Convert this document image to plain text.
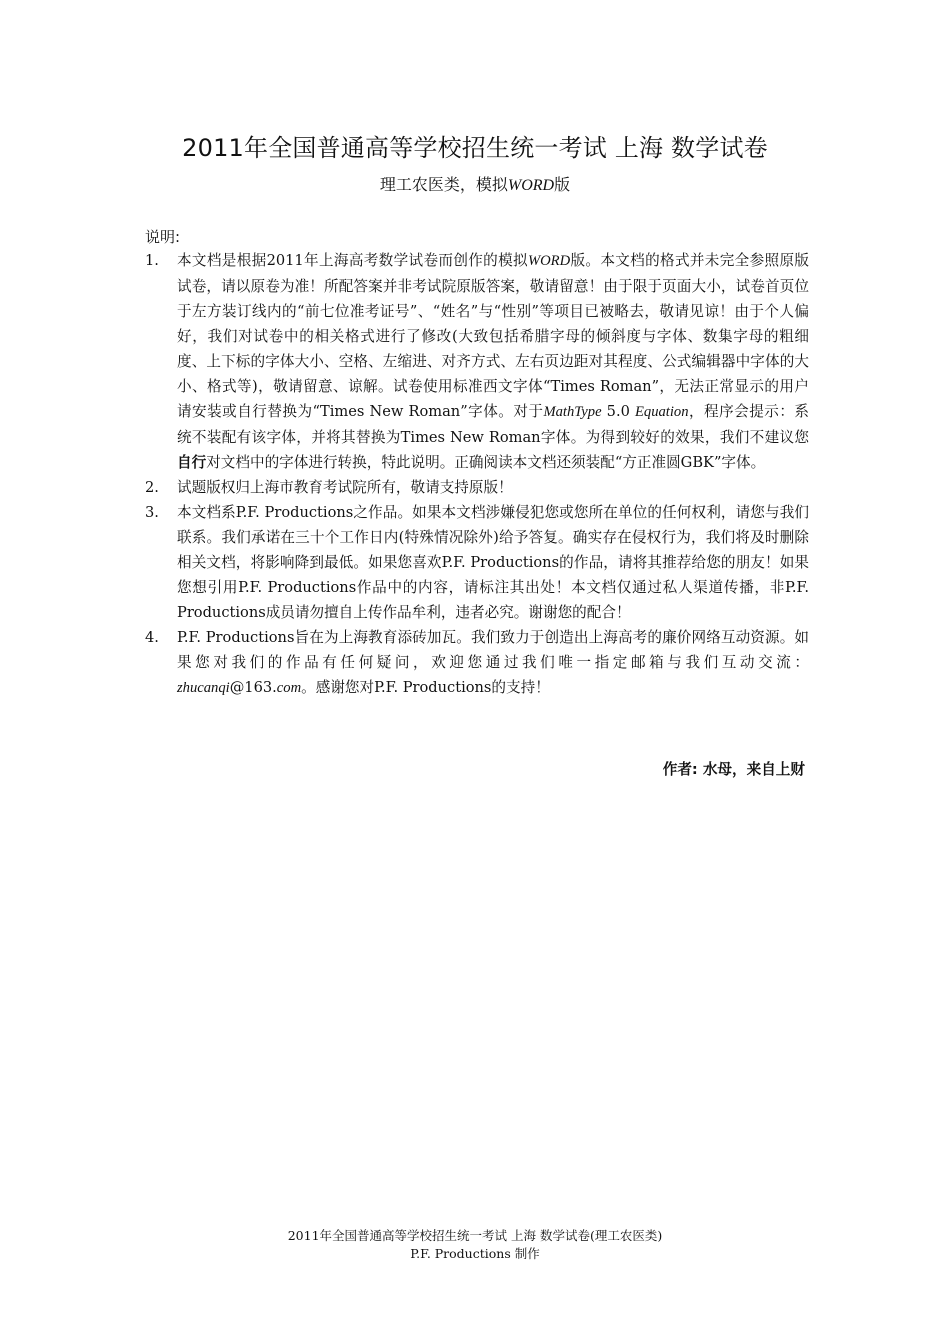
2011年全国普通高等学校招生统一考试 上海 数学试卷
理工农医类，模拟WORD版
说明:
1. 本文档是根据2011年上海高考数学试卷而创作的模拟WORD版。本文档的格式并未完全参照原版试卷，请以原卷为准！所配答案并非考试院原版答案，敬请留意！由于限于页面大小，试卷首页位于左方装订线内的“前七位准考证号”、“姓名”与“性别”等项目已被略去，敬请见谅！由于个人偏好，我们对试卷中的相关格式进行了修改(大致包括希腊字母的倾斜度与字体、数集字母的粗细度、上下标的字体大小、空格、左缩进、对齐方式、左右页边距对其程度、公式编辑器中字体的大小、格式等)，敬请留意、谅解。试卷使用标准西文字体“Times Roman”，无法正常显示的用户请安装或自行替换为“Times New Roman”字体。对于MathType 5.0 Equation，程序会提示：系统不装配有该字体，并将其替换为Times New Roman字体。为得到较好的效果，我们不建议您自行对文档中的字体进行转换，特此说明。正确阅读本文档还须装配“方正准圆GBK”字体。
2. 试题版权归上海市教育考试院所有，敬请支持原版！
3. 本文档系P.F. Productions之作品。如果本文档涉嫌侵犯您或您所在单位的任何权利，请您与我们联系。我们承诺在三十个工作日内(特殊情况除外)给予答复。确实存在侵权行为，我们将及时删除相关文档，将影响降到最低。如果您喜欢P.F. Productions的作品，请将其推荐给您的朋友！如果您想引用P.F. Productions作品中的内容，请标注其出处！本文档仅通过私人渠道传播，非P.F. Productions成员请勿擅自上传作品牟利，违者必究。谢谢您的配合！
4. P.F. Productions旨在为上海教育添砖加瓦。我们致力于创造出上海高考的廉价网络互动资源。如果您对我们的作品有任何疑问，欢迎您通过我们唯一指定邮箱与我们互动交流：zhucanqi@163.com。感谢您对P.F. Productions的支持！
作者: 水母，来自上财
2011年全国普通高等学校招生统一考试 上海 数学试卷(理工农医类)
P.F. Productions 制作
